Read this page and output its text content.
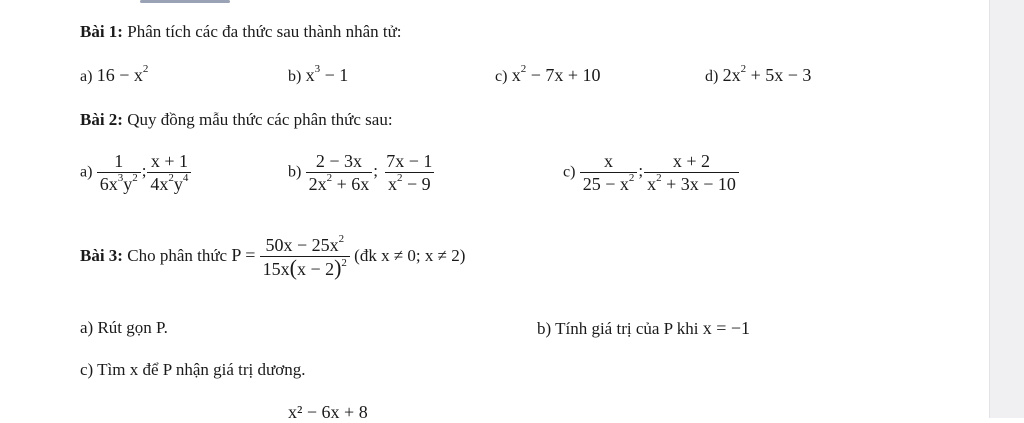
Bài 1: Phân tích các đa thức sau thành nhân tử:
a) $16 - x^2$	b) $x^3 - 1$	c) $x^2 - 7x + 10$	d) $2x^2 + 5x - 3$
Bài 2: Quy đồng mẫu thức các phân thức sau:
$a) \frac{1}{6x^3y^2}$ ; $\frac{x + 1}{4x^2y^4}$	$b) \frac{2 - 3x}{2x^2 + 6x}$ ; $\frac{7x - 1}{x^2 - 9}$	$c) \frac{x}{25 - x^2}$ ; $\frac{x + 2}{x^2 + 3x - 10}$
Bài 3: Cho phân thức $P = \frac{50x - 25x^2}{15x(x - 2)^2}$ (đk x ≠ 0; x ≠ 2)
a) Rút gọn P.	b) Tính giá trị của P khi x = −1
c) Tìm x để P nhận giá trị dương.
x² − 6x + 8
